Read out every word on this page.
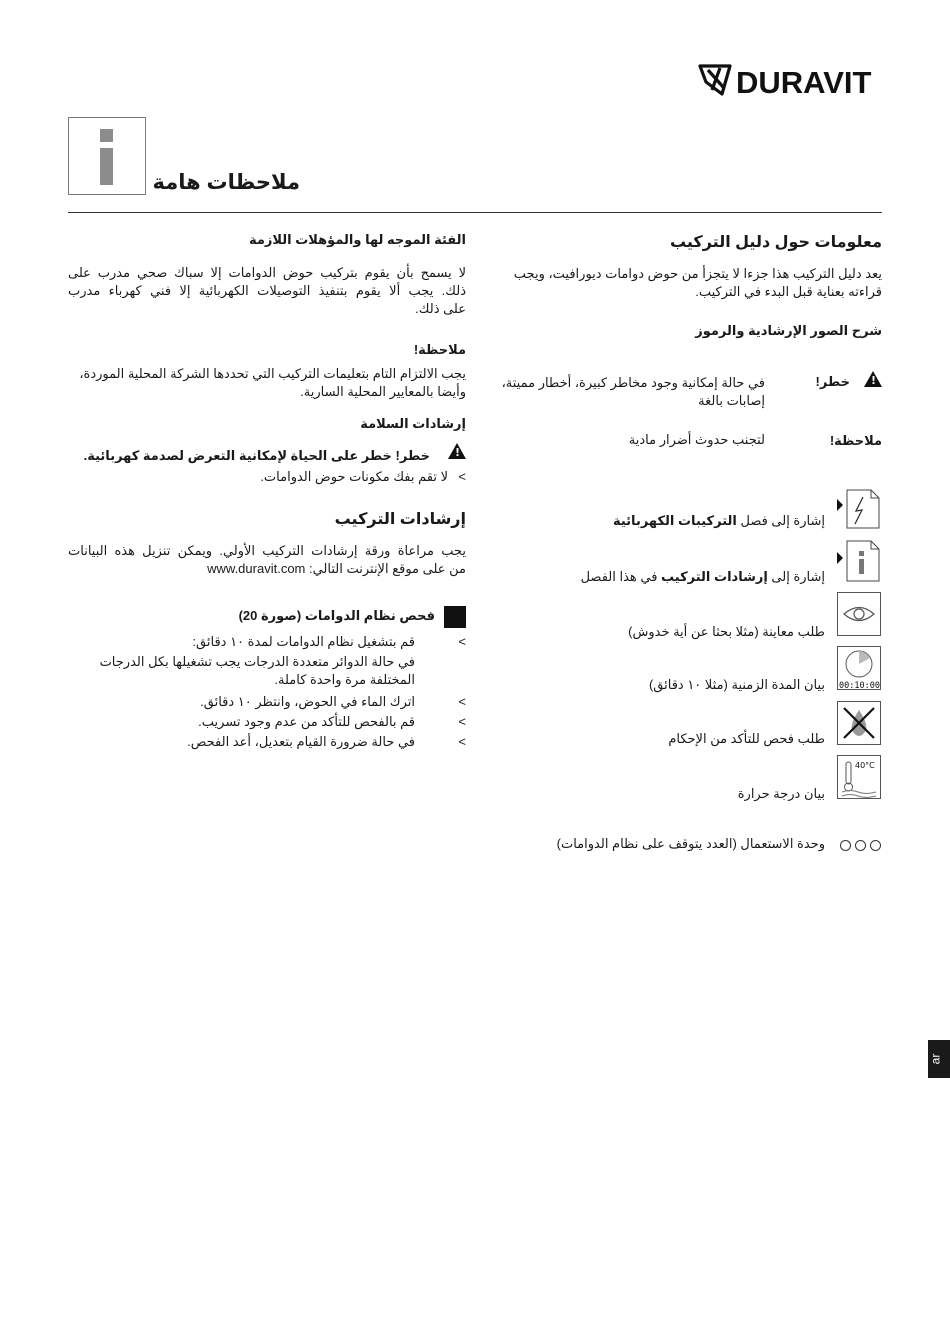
DURAVIT
ملاحظات هامة
معلومات حول دليل التركيب
يعد دليل التركيب هذا جزءا لا يتجزأ من حوض دوامات ديورافيت، ويجب
قراءته بعناية قبل البدء في التركيب.
شرح الصور الإرشادية والرموز
!
خطر!
في حالة إمكانية وجود مخاطر كبيرة، أخطار مميتة،
إصابات بالغة
ملاحظة!
لتجنب حدوث أضرار مادية
إشارة إلى فصل التركيبات الكهربائية
إشارة إلى إرشادات التركيب في هذا الفصل
طلب معاينة (مثلا بحثا عن أية خدوش)
00:10:00
بيان المدة الزمنية (مثلا ١٠ دقائق)
طلب فحص للتأكد من الإحكام
40°C
بيان درجة حرارة
وحدة الاستعمال (العدد يتوقف على نظام الدوامات)
الفئة الموجه لها والمؤهلات اللازمة
لا يسمح بأن يقوم بتركيب حوض الدوامات إلا سباك صحي مدرب على
ذلك. يجب ألا يقوم بتنفيذ التوصيلات الكهربائية إلا فني كهرباء مدرب
على ذلك.
ملاحظة!
يجب الالتزام التام بتعليمات التركيب التي تحددها الشركة المحلية الموردة،
وأيضا بالمعايير المحلية السارية.
إرشادات السلامة
!
خطر! خطر على الحياة لإمكانية التعرض لصدمة كهربائية.
>
لا تقم بفك مكونات حوض الدوامات.
إرشادات التركيب
يجب مراعاة ورقة إرشادات التركيب الأولي. ويمكن تنزيل هذه البيانات
من على موقع الإنترنت التالي: www.duravit.com
فحص نظام الدوامات (صورة 20)
>
قم بتشغيل نظام الدوامات لمدة ١٠ دقائق:
في حالة الدوائر متعددة الدرجات يجب تشغيلها بكل الدرجات
المختلفة مرة واحدة كاملة.
>
اترك الماء في الحوض، وانتظر ١٠ دقائق.
>
قم بالفحص للتأكد من عدم وجود تسريب.
>
في حالة ضرورة القيام بتعديل، أعد الفحص.
ar
